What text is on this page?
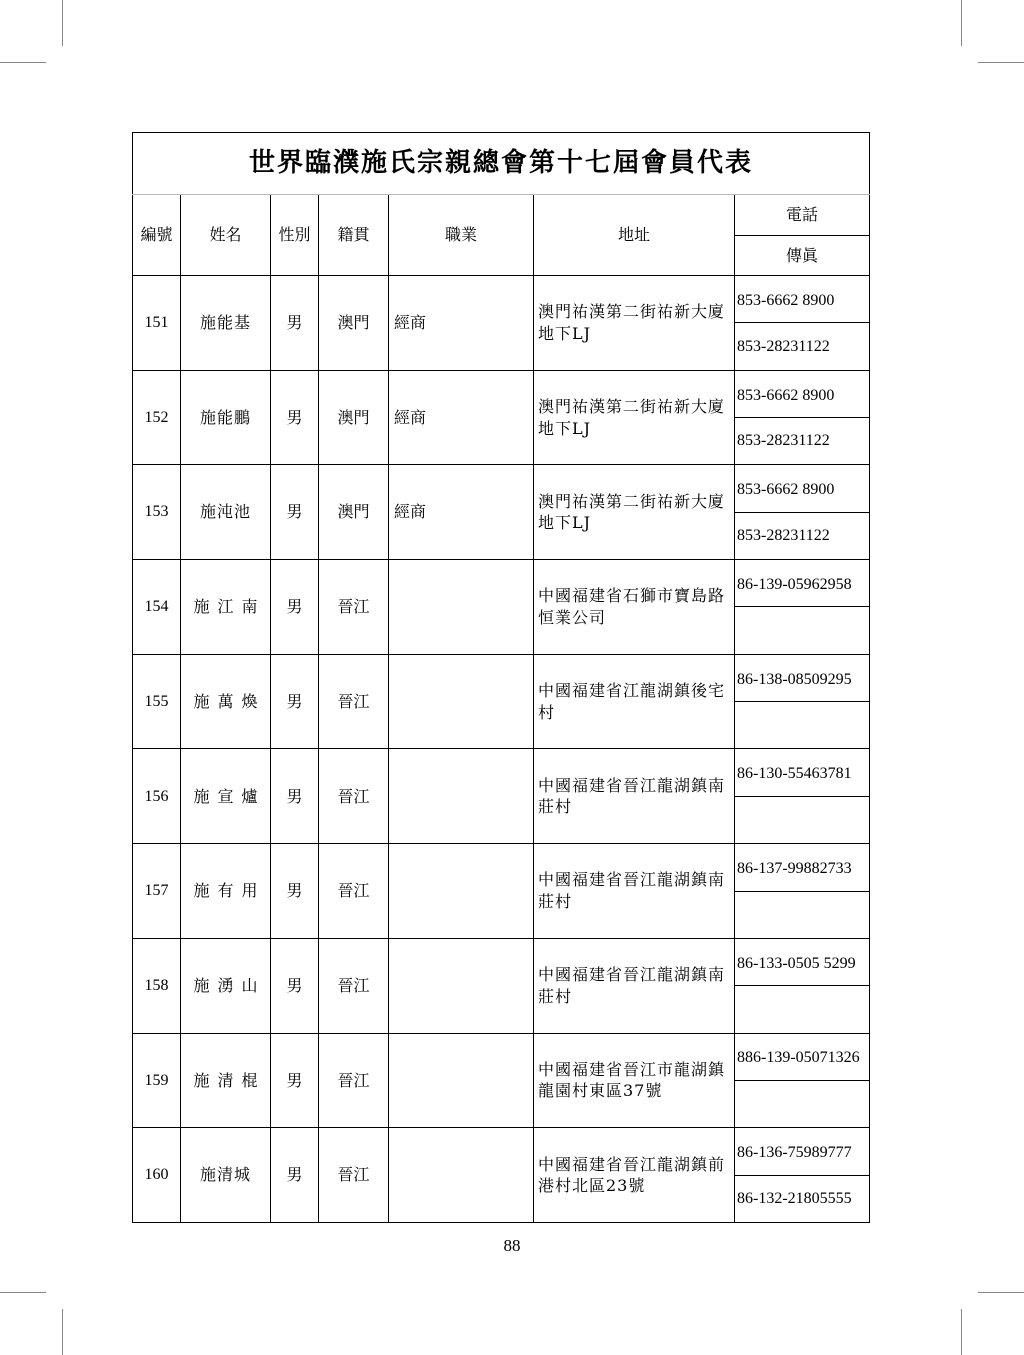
世界臨濮施氏宗親總會第十七屆會員代表						
編號	姓名	性別	籍貫	職業	地址	電話
						傳眞
151	施能基	男	澳門	經商	澳門祐漢第二街祐新大廈地下LJ	853-6662 8900
						853-28231122
152	施能鵬	男	澳門	經商	澳門祐漢第二街祐新大廈地下LJ	853-6662 8900
						853-28231122
153	施沌池	男	澳門	經商	澳門祐漢第二街祐新大廈地下LJ	853-6662 8900
						853-28231122
154	施江南	男	晉江		中國福建省石獅市寶島路恒業公司	86-139-05962958

155	施萬煥	男	晉江		中國福建省江龍湖鎮後宅村	86-138-08509295

156	施宣爐	男	晉江		中國福建省晉江龍湖鎮南莊村	86-130-55463781

157	施有用	男	晉江		中國福建省晉江龍湖鎮南莊村	86-137-99882733

158	施湧山	男	晉江		中國福建省晉江龍湖鎮南莊村	86-133-0505 5299

159	施清棍	男	晉江		中國福建省晉江市龍湖鎮龍園村東區37號	886-139-05071326

160	施清城	男	晉江		中國福建省晉江龍湖鎮前港村北區23號	86-136-75989777
						86-132-21805555
88
